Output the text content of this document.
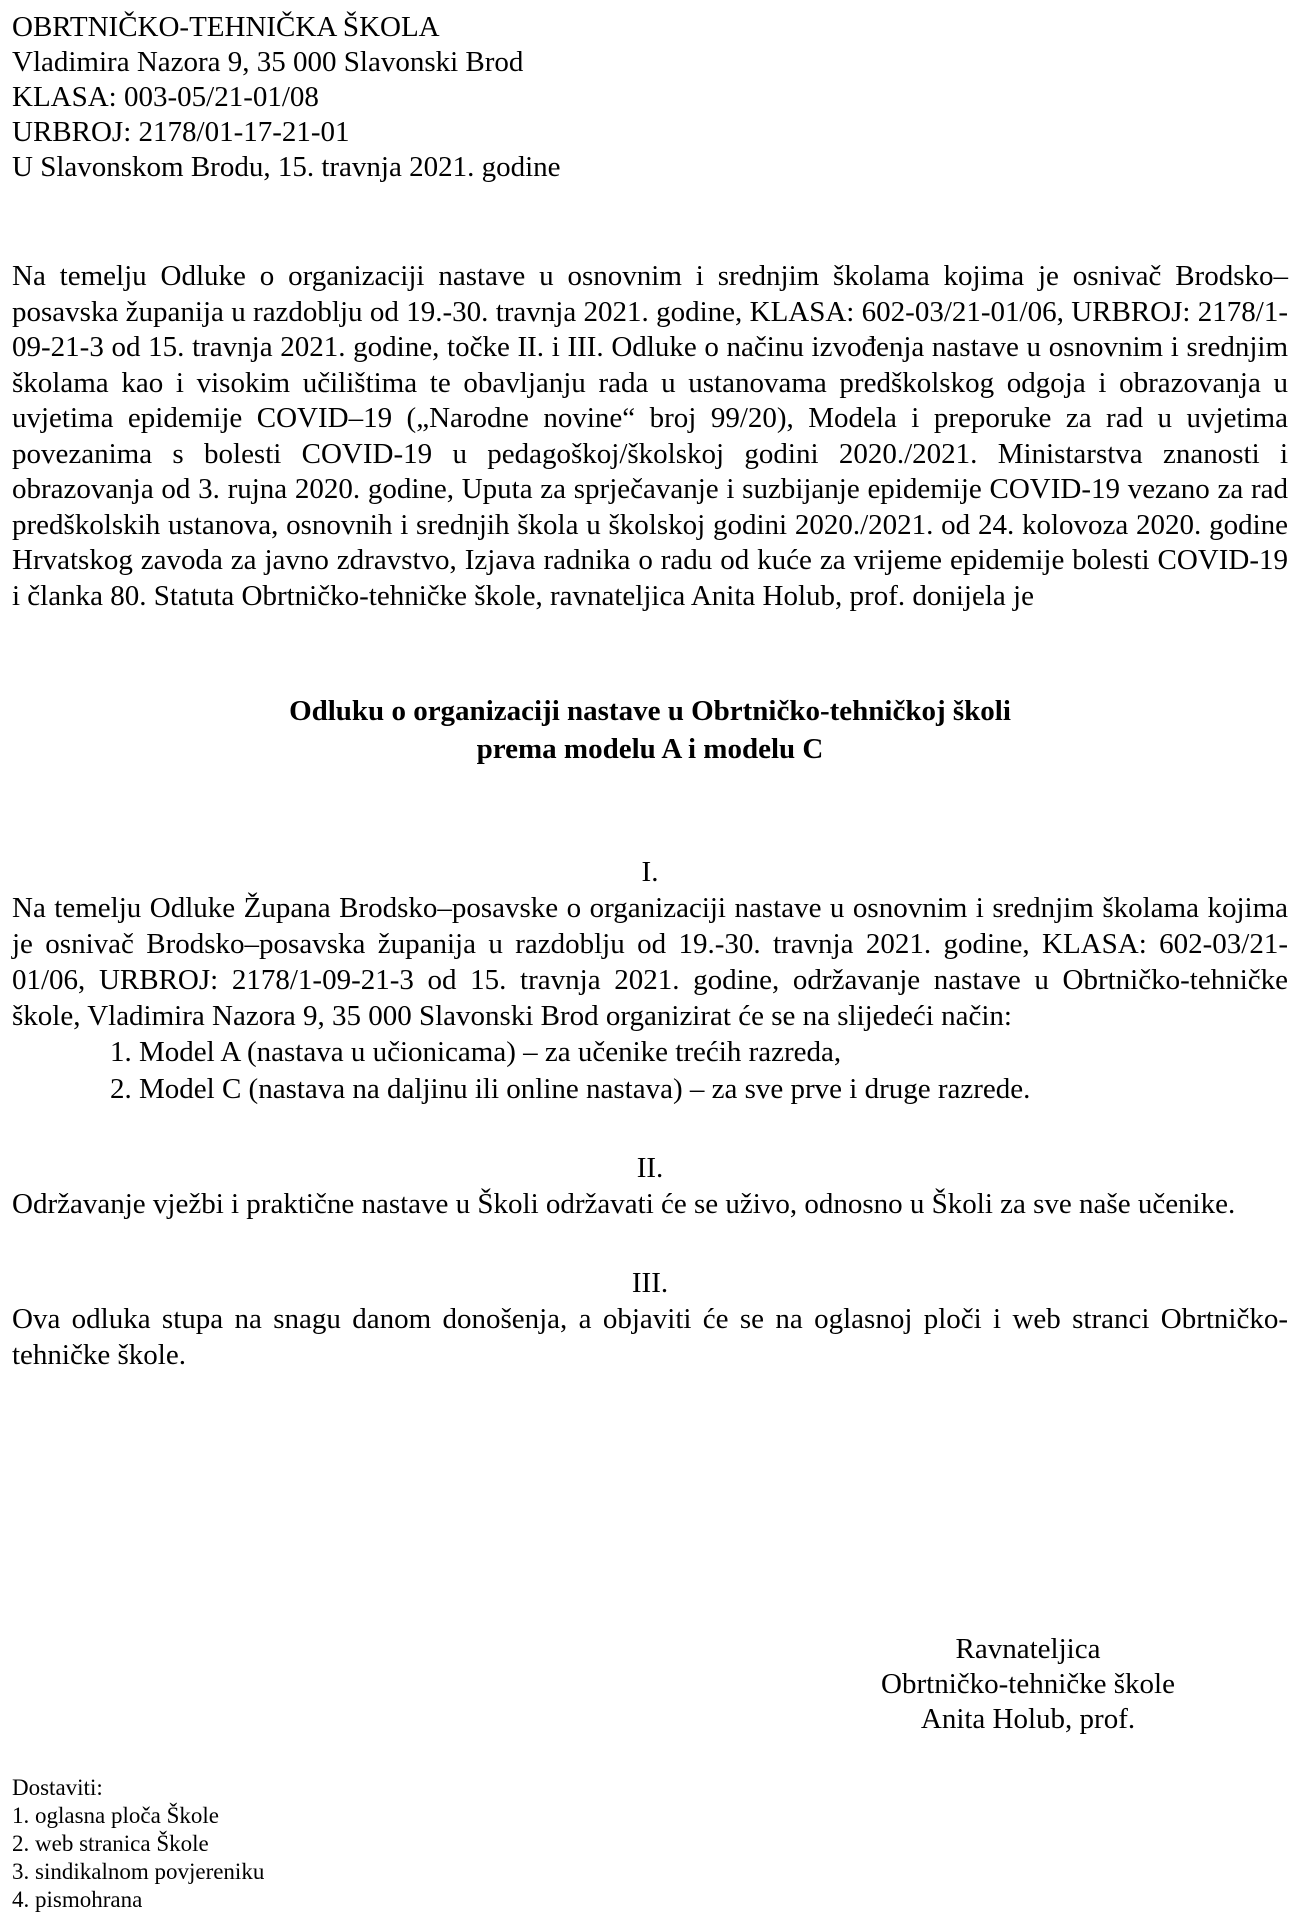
OBRTNIČKO-TEHNIČKA ŠKOLA

Vladimira Nazora 9, 35 000 Slavonski Brod

KLASA: 003-05/21-01/08

URBROJ: 2178/01-17-21-01

U Slavonskom Brodu, 15. travnja 2021. godine

Na temelju Odluke o organizaciji nastave u osnovnim i srednjim školama kojima je osnivač Brodsko–posavska županija u razdoblju od 19.-30. travnja 2021. godine, KLASA: 602-03/21-01/06, URBROJ: 2178/1-09-21-3 od 15. travnja 2021. godine, točke II. i III. Odluke o načinu izvođenja nastave u osnovnim i srednjim školama kao i visokim učilištima te obavljanju rada u ustanovama predškolskog odgoja i obrazovanja u uvjetima epidemije COVID–19 („Narodne novine“ broj 99/20), Modela i preporuke za rad u uvjetima povezanima s bolesti COVID-19 u pedagoškoj/školskoj godini 2020./2021. Ministarstva znanosti i obrazovanja od 3. rujna 2020. godine, Uputa za sprječavanje i suzbijanje epidemije COVID-19 vezano za rad predškolskih ustanova, osnovnih i srednjih škola u školskoj godini 2020./2021. od 24. kolovoza 2020. godine Hrvatskog zavoda za javno zdravstvo, Izjava radnika o radu od kuće za vrijeme epidemije bolesti COVID-19 i članka 80. Statuta Obrtničko-tehničke škole, ravnateljica Anita Holub, prof. donijela je

Odluku o organizaciji nastave u Obrtničko-tehničkoj školi
prema modelu A i modelu C

I.

Na temelju Odluke Župana Brodsko–posavske o organizaciji nastave u osnovnim i srednjim školama kojima je osnivač Brodsko–posavska županija u razdoblju od 19.-30. travnja 2021. godine, KLASA: 602-03/21-01/06, URBROJ: 2178/1-09-21-3 od 15. travnja 2021. godine, održavanje nastave u Obrtničko-tehničke škole, Vladimira Nazora 9, 35 000 Slavonski Brod organizirat će se na slijedeći način:

1. Model A (nastava u učionicama) – za učenike trećih razreda,
2. Model C (nastava na daljinu ili online nastava) – za sve prve i druge razrede.

II.

Održavanje vježbi i praktične nastave u Školi održavati će se uživo, odnosno u Školi za sve naše učenike.

III.

Ova odluka stupa na snagu danom donošenja, a objaviti će se na oglasnoj ploči i web stranci Obrtničko-tehničke škole.

Ravnateljica
Obrtničko-tehničke škole
Anita Holub, prof.
Dostaviti:
1. oglasna ploča Škole
2. web stranica Škole
3. sindikalnom povjereniku
4. pismohrana
